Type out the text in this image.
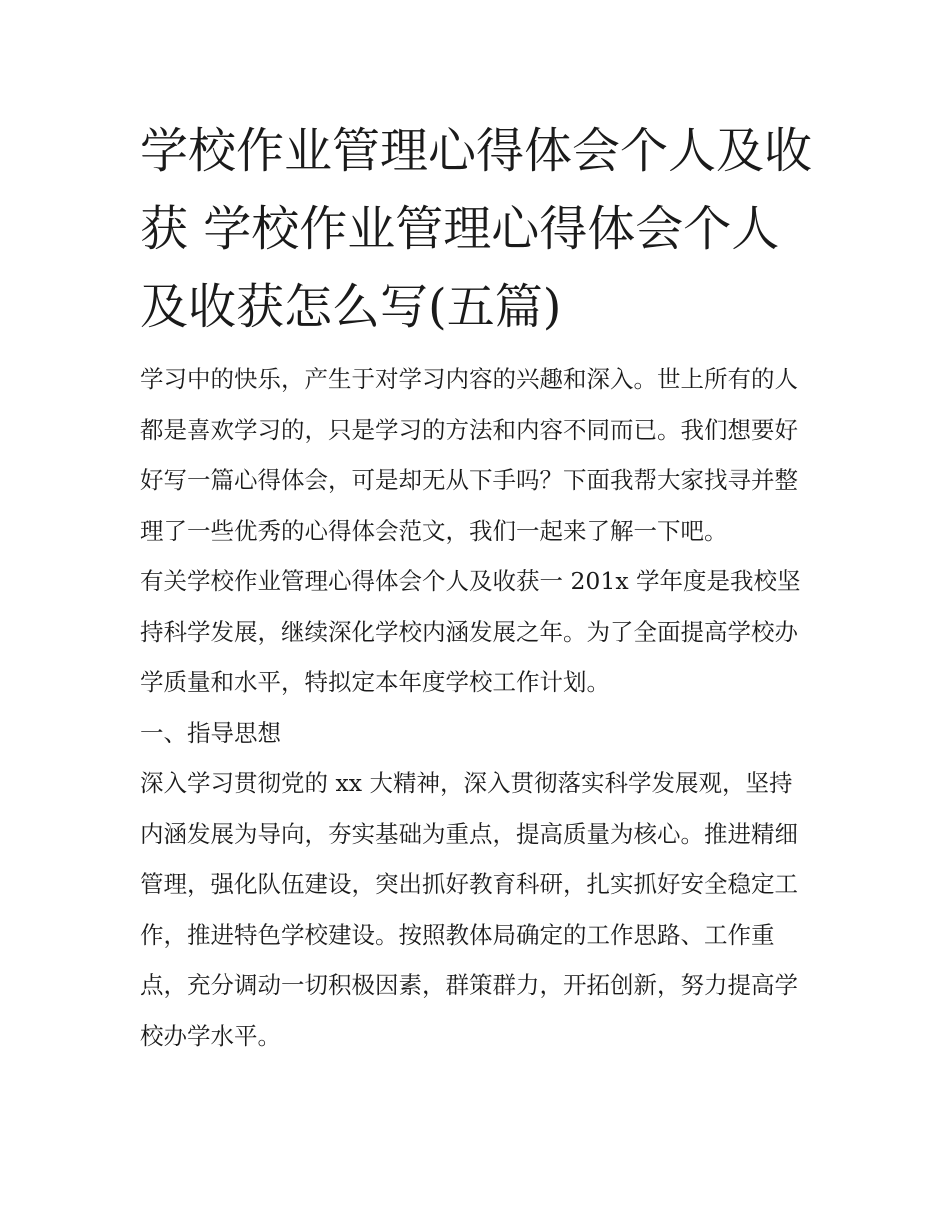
学校作业管理心得体会个人及收获 学校作业管理心得体会个人及收获怎么写(五篇)

学习中的快乐，产生于对学习内容的兴趣和深入。世上所有的人都是喜欢学习的，只是学习的方法和内容不同而已。我们想要好好写一篇心得体会，可是却无从下手吗？下面我帮大家找寻并整理了一些优秀的心得体会范文，我们一起来了解一下吧。

有关学校作业管理心得体会个人及收获一 201x 学年度是我校坚持科学发展，继续深化学校内涵发展之年。为了全面提高学校办学质量和水平，特拟定本年度学校工作计划。

一、指导思想

深入学习贯彻党的 xx 大精神，深入贯彻落实科学发展观，坚持内涵发展为导向，夯实基础为重点，提高质量为核心。推进精细管理，强化队伍建设，突出抓好教育科研，扎实抓好安全稳定工作，推进特色学校建设。按照教体局确定的工作思路、工作重点，充分调动一切积极因素，群策群力，开拓创新，努力提高学校办学水平。
